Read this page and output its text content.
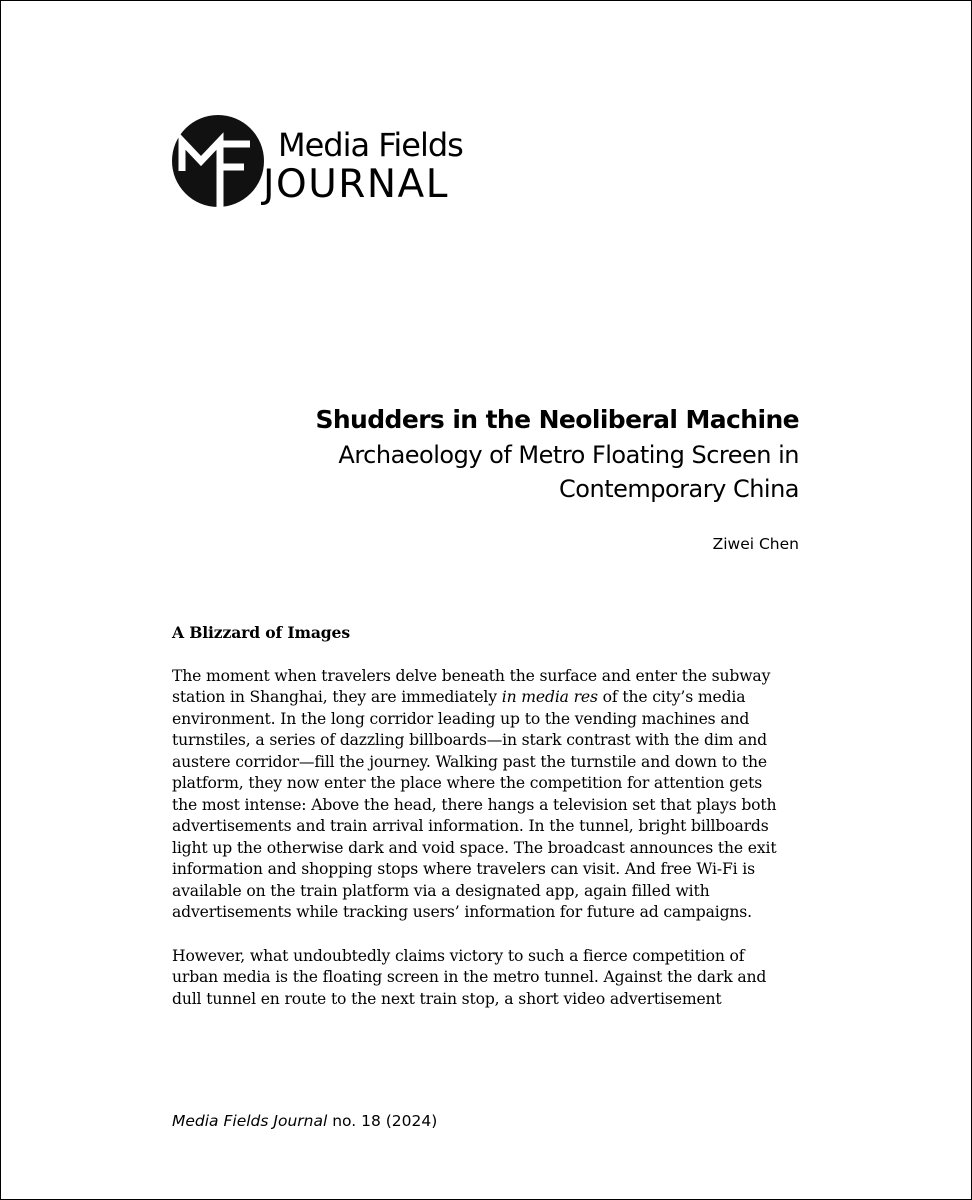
Media Fields
JOURNAL
Shudders in the Neoliberal Machine
Archaeology of Metro Floating Screen in
Contemporary China
Ziwei Chen
A Blizzard of Images
The moment when travelers delve beneath the surface and enter the subway
station in Shanghai, they are immediately in media res of the city’s media
environment. In the long corridor leading up to the vending machines and
turnstiles, a series of dazzling billboards—in stark contrast with the dim and
austere corridor—fill the journey. Walking past the turnstile and down to the
platform, they now enter the place where the competition for attention gets
the most intense: Above the head, there hangs a television set that plays both
advertisements and train arrival information. In the tunnel, bright billboards
light up the otherwise dark and void space. The broadcast announces the exit
information and shopping stops where travelers can visit. And free Wi-Fi is
available on the train platform via a designated app, again filled with
advertisements while tracking users’ information for future ad campaigns.
However, what undoubtedly claims victory to such a fierce competition of
urban media is the floating screen in the metro tunnel. Against the dark and
dull tunnel en route to the next train stop, a short video advertisement
Media Fields Journal no. 18 (2024)
